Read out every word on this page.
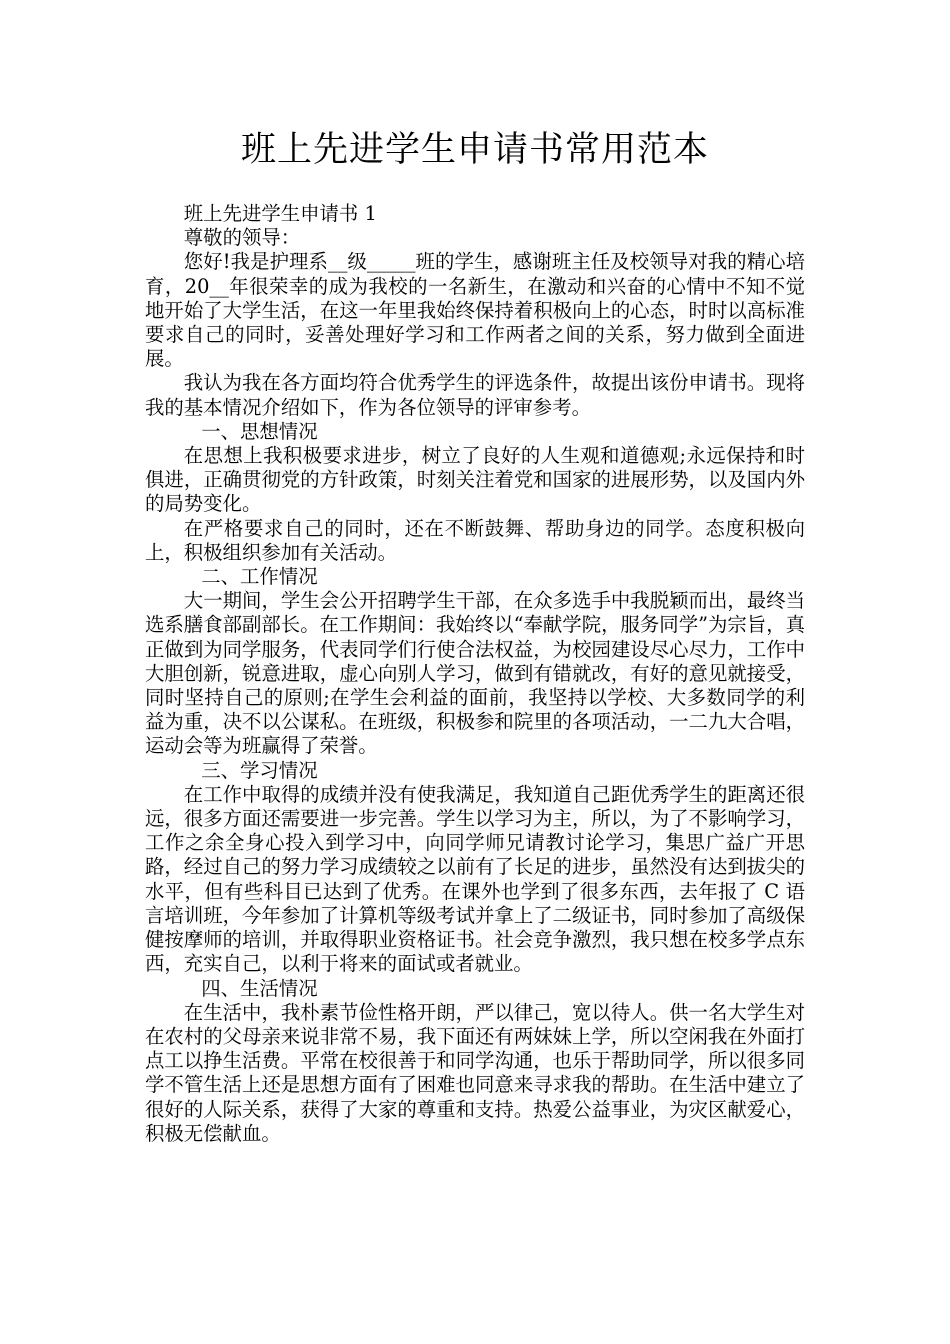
班上先进学生申请书常用范本

班上先进学生申请书 1

尊敬的领导：

您好!我是护理系__级_____班的学生，感谢班主任及校领导对我的精心培育，20__年很荣幸的成为我校的一名新生，在激动和兴奋的心情中不知不觉地开始了大学生活，在这一年里我始终保持着积极向上的心态，时时以高标准要求自己的同时，妥善处理好学习和工作两者之间的关系，努力做到全面进展。

我认为我在各方面均符合优秀学生的评选条件，故提出该份申请书。现将我的基本情况介绍如下，作为各位领导的评审参考。

一、思想情况

在思想上我积极要求进步，树立了良好的人生观和道德观;永远保持和时俱进，正确贯彻党的方针政策，时刻关注着党和国家的进展形势，以及国内外的局势变化。

在严格要求自己的同时，还在不断鼓舞、帮助身边的同学。态度积极向上，积极组织参加有关活动。

二、工作情况

大一期间，学生会公开招聘学生干部，在众多选手中我脱颖而出，最终当选系膳食部副部长。在工作期间：我始终以“奉献学院，服务同学”为宗旨，真正做到为同学服务，代表同学们行使合法权益，为校园建设尽心尽力，工作中大胆创新，锐意进取，虚心向别人学习，做到有错就改，有好的意见就接受，同时坚持自己的原则;在学生会利益的面前，我坚持以学校、大多数同学的利益为重，决不以公谋私。在班级，积极参和院里的各项活动，一二九大合唱，运动会等为班赢得了荣誉。

三、学习情况

在工作中取得的成绩并没有使我满足，我知道自己距优秀学生的距离还很远，很多方面还需要进一步完善。学生以学习为主，所以，为了不影响学习，工作之余全身心投入到学习中，向同学师兄请教讨论学习，集思广益广开思路，经过自己的努力学习成绩较之以前有了长足的进步，虽然没有达到拔尖的水平，但有些科目已达到了优秀。在课外也学到了很多东西，去年报了 C 语言培训班，今年参加了计算机等级考试并拿上了二级证书，同时参加了高级保健按摩师的培训，并取得职业资格证书。社会竞争激烈，我只想在校多学点东西，充实自己，以利于将来的面试或者就业。

四、生活情况

在生活中，我朴素节俭性格开朗，严以律己，宽以待人。供一名大学生对在农村的父母亲来说非常不易，我下面还有两妹妹上学，所以空闲我在外面打点工以挣生活费。平常在校很善于和同学沟通，也乐于帮助同学，所以很多同学不管生活上还是思想方面有了困难也同意来寻求我的帮助。在生活中建立了很好的人际关系，获得了大家的尊重和支持。热爱公益事业，为灾区献爱心，积极无偿献血。
